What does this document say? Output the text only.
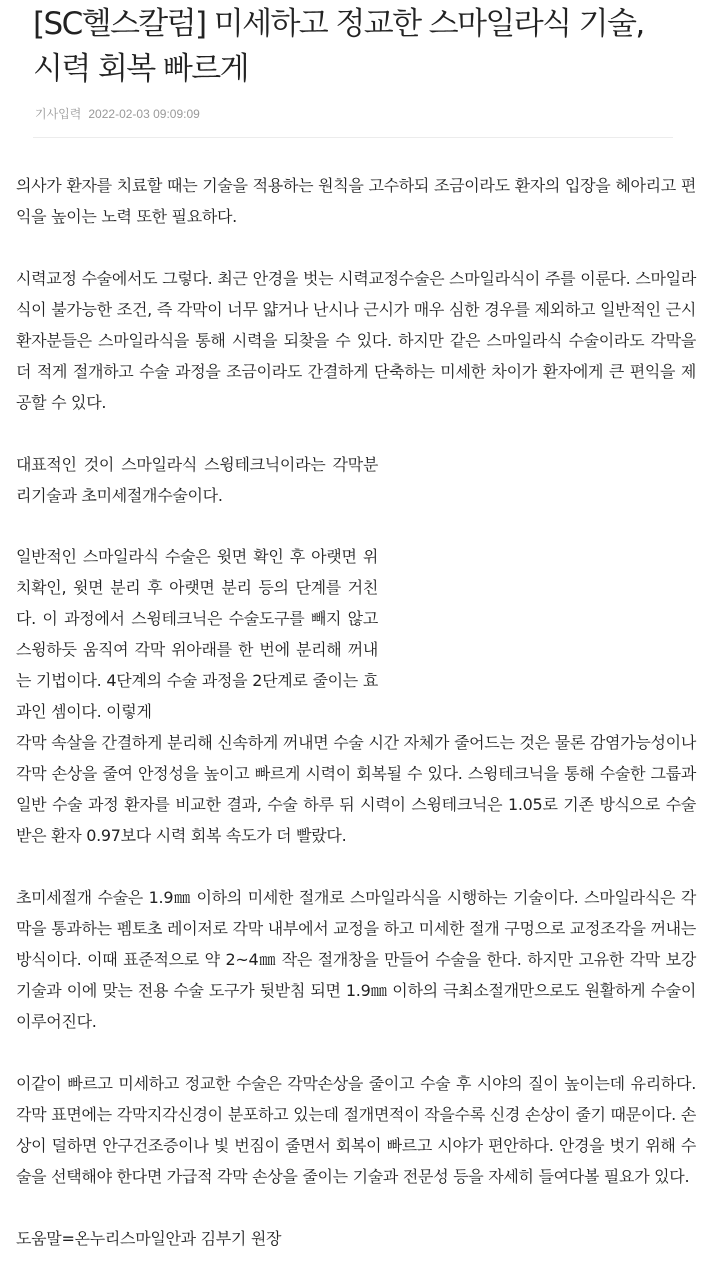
[SC헬스칼럼] 미세하고 정교한 스마일라식 기술, 시력 회복 빠르게
기사입력 2022-02-03 09:09:09

의사가 환자를 치료할 때는 기술을 적용하는 원칙을 고수하되 조금이라도 환자의 입장을 헤아리고 편익을 높이는 노력 또한 필요하다.

시력교정 수술에서도 그렇다. 최근 안경을 벗는 시력교정수술은 스마일라식이 주를 이룬다. 스마일라식이 불가능한 조건, 즉 각막이 너무 얇거나 난시나 근시가 매우 심한 경우를 제외하고 일반적인 근시환자분들은 스마일라식을 통해 시력을 되찾을 수 있다. 하지만 같은 스마일라식 수술이라도 각막을 더 적게 절개하고 수술 과정을 조금이라도 간결하게 단축하는 미세한 차이가 환자에게 큰 편익을 제공할 수 있다.

대표적인 것이 스마일라식 스윙테크닉이라는 각막분리기술과 초미세절개수술이다.

일반적인 스마일라식 수술은 윗면 확인 후 아랫면 위치확인, 윗면 분리 후 아랫면 분리 등의 단계를 거친다. 이 과정에서 스윙테크닉은 수술도구를 빼지 않고 스윙하듯 움직여 각막 위아래를 한 번에 분리해 꺼내는 기법이다. 4단계의 수술 과정을 2단계로 줄이는 효과인 셈이다. 이렇게

각막 속살을 간결하게 분리해 신속하게 꺼내면 수술 시간 자체가 줄어드는 것은 물론 감염가능성이나 각막 손상을 줄여 안정성을 높이고 빠르게 시력이 회복될 수 있다. 스윙테크닉을 통해 수술한 그룹과 일반 수술 과정 환자를 비교한 결과, 수술 하루 뒤 시력이 스윙테크닉은 1.05로 기존 방식으로 수술 받은 환자 0.97보다 시력 회복 속도가 더 빨랐다.

초미세절개 수술은 1.9㎜ 이하의 미세한 절개로 스마일라식을 시행하는 기술이다. 스마일라식은 각막을 통과하는 펨토초 레이저로 각막 내부에서 교정을 하고 미세한 절개 구멍으로 교정조각을 꺼내는 방식이다. 이때 표준적으로 약 2~4㎜ 작은 절개창을 만들어 수술을 한다. 하지만 고유한 각막 보강 기술과 이에 맞는 전용 수술 도구가 뒷받침 되면 1.9㎜ 이하의 극최소절개만으로도 원활하게 수술이 이루어진다.

이같이 빠르고 미세하고 정교한 수술은 각막손상을 줄이고 수술 후 시야의 질이 높이는데 유리하다. 각막 표면에는 각막지각신경이 분포하고 있는데 절개면적이 작을수록 신경 손상이 줄기 때문이다. 손상이 덜하면 안구건조증이나 빛 번짐이 줄면서 회복이 빠르고 시야가 편안하다. 안경을 벗기 위해 수술을 선택해야 한다면 가급적 각막 손상을 줄이는 기술과 전문성 등을 자세히 들여다볼 필요가 있다.

도움말=온누리스마일안과 김부기 원장
